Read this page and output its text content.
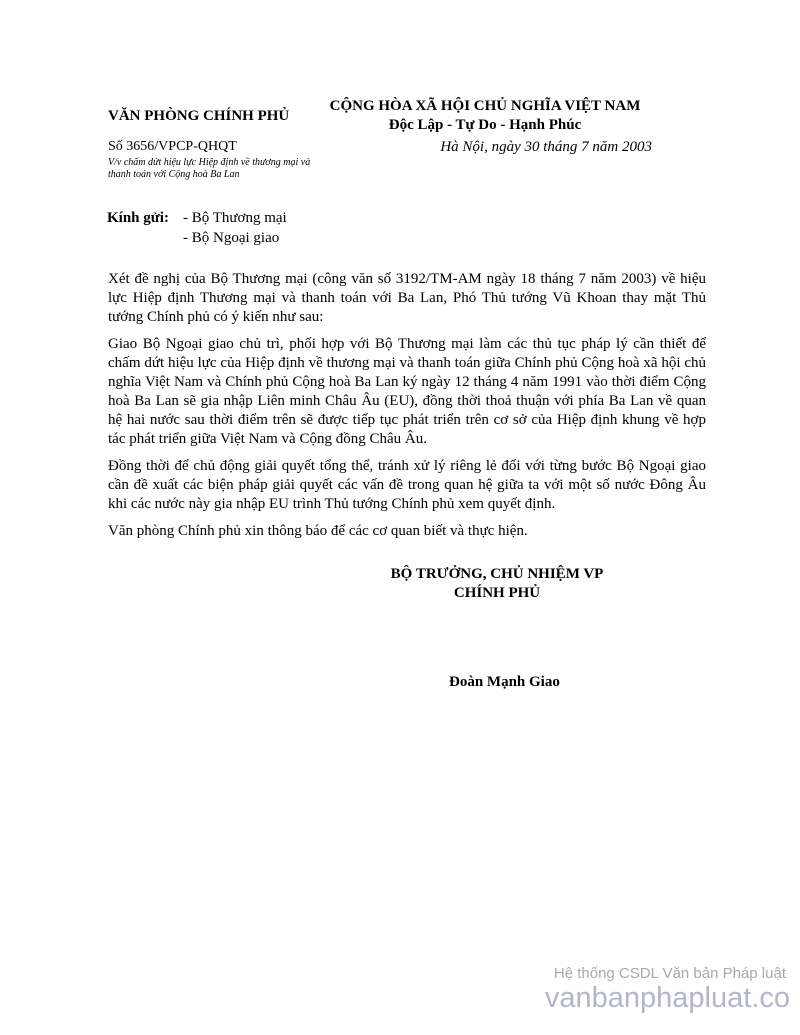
VĂN PHÒNG CHÍNH PHỦ
CỘNG HÒA XÃ HỘI CHỦ NGHĨA VIỆT NAM
Độc Lập - Tự Do - Hạnh Phúc
Số 3656/VPCP-QHQT
V/v chấm dứt hiệu lực Hiệp định về thương mại và thanh toán với Cộng hoà Ba Lan
Hà Nội, ngày 30 tháng 7 năm 2003
Kính gửi: - Bộ Thương mại
- Bộ Ngoại giao

Xét đề nghị của Bộ Thương mại (công văn số 3192/TM-AM ngày 18 tháng 7 năm 2003) về hiệu lực Hiệp định Thương mại và thanh toán với Ba Lan, Phó Thủ tướng Vũ Khoan thay mặt Thủ tướng Chính phủ có ý kiến như sau:

Giao Bộ Ngoại giao chủ trì, phối hợp với Bộ Thương mại làm các thủ tục pháp lý cần thiết để chấm dứt hiệu lực của Hiệp định về thương mại và thanh toán giữa Chính phủ Cộng hoà xã hội chủ nghĩa Việt Nam và Chính phủ Cộng hoà Ba Lan ký ngày 12 tháng 4 năm 1991 vào thời điểm Cộng hoà Ba Lan sẽ gia nhập Liên minh Châu Âu (EU), đồng thời thoả thuận với phía Ba Lan về quan hệ hai nước sau thời điểm trên sẽ được tiếp tục phát triển trên cơ sở của Hiệp định khung về hợp tác phát triển giữa Việt Nam và Cộng đồng Châu Âu.

Đồng thời để chủ động giải quyết tổng thể, tránh xử lý riêng lẻ đối với từng bước Bộ Ngoại giao cần đề xuất các biện pháp giải quyết các vấn đề trong quan hệ giữa ta với một số nước Đông Âu khi các nước này gia nhập EU trình Thủ tướng Chính phủ xem quyết định.

Văn phòng Chính phủ xin thông báo để các cơ quan biết và thực hiện.

BỘ TRƯỞNG, CHỦ NHIỆM VP
CHÍNH PHỦ
Đoàn Mạnh Giao
Hệ thống CSDL Văn bản Pháp luật
vanbanphapluat.co
